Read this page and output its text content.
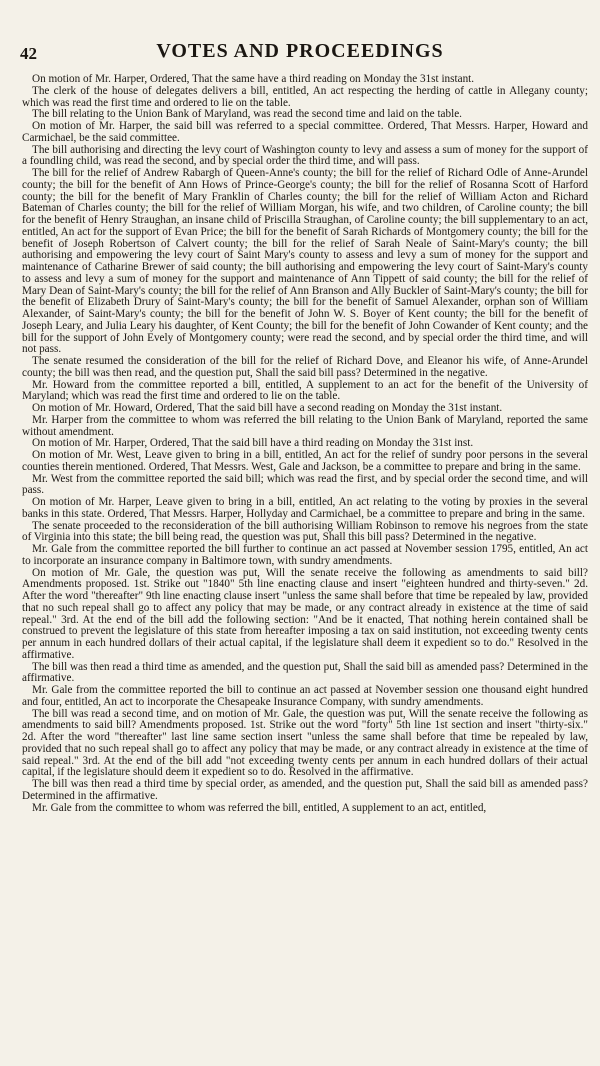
42	VOTES AND PROCEEDINGS

On motion of Mr. Harper, Ordered, That the same have a third reading on Monday the 31st instant.

The clerk of the house of delegates delivers a bill, entitled, An act respecting the herding of cattle in Allegany county; which was read the first time and ordered to lie on the table.

The bill relating to the Union Bank of Maryland, was read the second time and laid on the table.

On motion of Mr. Harper, the said bill was referred to a special committee. Ordered, That Messrs. Harper, Howard and Carmichael, be the said committee.

The bill authorising and directing the levy court of Washington county to levy and assess a sum of money for the support of a foundling child, was read the second, and by special order the third time, and will pass.

The bill for the relief of Andrew Rabargh of Queen-Anne's county; the bill for the relief of Richard Odle of Anne-Arundel county; the bill for the benefit of Ann Hows of Prince-George's county; the bill for the relief of Rosanna Scott of Harford county; the bill for the benefit of Mary Franklin of Charles county; the bill for the relief of William Acton and Richard Bateman of Charles county; the bill for the relief of William Morgan, his wife, and two children, of Caroline county; the bill for the benefit of Henry Straughan, an insane child of Priscilla Straughan, of Caroline county; the bill supplementary to an act, entitled, An act for the support of Evan Price; the bill for the benefit of Sarah Richards of Montgomery county; the bill for the benefit of Joseph Robertson of Calvert county; the bill for the relief of Sarah Neale of Saint-Mary's county; the bill authorising and empowering the levy court of Saint Mary's county to assess and levy a sum of money for the support and maintenance of Catharine Brewer of said county; the bill authorising and empowering the levy court of Saint-Mary's county to assess and levy a sum of money for the support and maintenance of Ann Tippett of said county; the bill for the relief of Mary Dean of Saint-Mary's county; the bill for the relief of Ann Branson and Ally Buckler of Saint-Mary's county; the bill for the benefit of Elizabeth Drury of Saint-Mary's county; the bill for the benefit of Samuel Alexander, orphan son of William Alexander, of Saint-Mary's county; the bill for the benefit of John W. S. Boyer of Kent county; the bill for the benefit of Joseph Leary, and Julia Leary his daughter, of Kent County; the bill for the benefit of John Cowander of Kent county; and the bill for the support of John Evely of Montgomery county; were read the second, and by special order the third time, and will not pass.

The senate resumed the consideration of the bill for the relief of Richard Dove, and Eleanor his wife, of Anne-Arundel county; the bill was then read, and the question put, Shall the said bill pass? Determined in the negative.

Mr. Howard from the committee reported a bill, entitled, A supplement to an act for the benefit of the University of Maryland; which was read the first time and ordered to lie on the table.

On motion of Mr. Howard, Ordered, That the said bill have a second reading on Monday the 31st instant.

Mr. Harper from the committee to whom was referred the bill relating to the Union Bank of Maryland, reported the same without amendment.

On motion of Mr. Harper, Ordered, That the said bill have a third reading on Monday the 31st inst.

On motion of Mr. West, Leave given to bring in a bill, entitled, An act for the relief of sundry poor persons in the several counties therein mentioned. Ordered, That Messrs. West, Gale and Jackson, be a committee to prepare and bring in the same.

Mr. West from the committee reported the said bill; which was read the first, and by special order the second time, and will pass.

On motion of Mr. Harper, Leave given to bring in a bill, entitled, An act relating to the voting by proxies in the several banks in this state. Ordered, That Messrs. Harper, Hollyday and Carmichael, be a committee to prepare and bring in the same.

The senate proceeded to the reconsideration of the bill authorising William Robinson to remove his negroes from the state of Virginia into this state; the bill being read, the question was put, Shall this bill pass? Determined in the negative.

Mr. Gale from the committee reported the bill further to continue an act passed at November session 1795, entitled, An act to incorporate an insurance company in Baltimore town, with sundry amendments.

On motion of Mr. Gale, the question was put, Will the senate receive the following as amendments to said bill? Amendments proposed. 1st. Strike out "1840" 5th line enacting clause and insert "eighteen hundred and thirty-seven." 2d. After the word "thereafter" 9th line enacting clause insert "unless the same shall before that time be repealed by law, provided that no such repeal shall go to affect any policy that may be made, or any contract already in existence at the time of said repeal." 3rd. At the end of the bill add the following section: "And be it enacted, That nothing herein contained shall be construed to prevent the legislature of this state from hereafter imposing a tax on said institution, not exceeding twenty cents per annum in each hundred dollars of their actual capital, if the legislature shall deem it expedient so to do." Resolved in the affirmative.

The bill was then read a third time as amended, and the question put, Shall the said bill as amended pass? Determined in the affirmative.

Mr. Gale from the committee reported the bill to continue an act passed at November session one thousand eight hundred and four, entitled, An act to incorporate the Chesapeake Insurance Company, with sundry amendments.

The bill was read a second time, and on motion of Mr. Gale, the question was put, Will the senate receive the following as amendments to said bill? Amendments proposed. 1st. Strike out the word "forty" 5th line 1st section and insert "thirty-six." 2d. After the word "thereafter" last line same section insert "unless the same shall before that time be repealed by law, provided that no such repeal shall go to affect any policy that may be made, or any contract already in existence at the time of said repeal." 3rd. At the end of the bill add "not exceeding twenty cents per annum in each hundred dollars of their actual capital, if the legislature should deem it expedient so to do. Resolved in the affirmative.

The bill was then read a third time by special order, as amended, and the question put, Shall the said bill as amended pass? Determined in the affirmative.

Mr. Gale from the committee to whom was referred the bill, entitled, A supplement to an act, entitled,
